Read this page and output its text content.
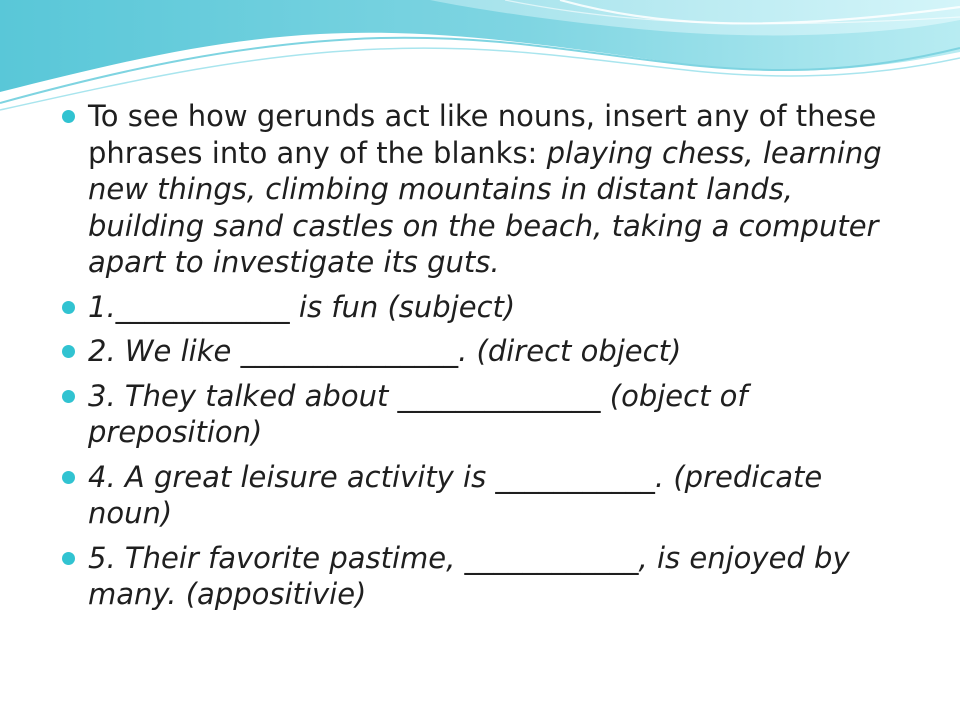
To see how gerunds act like nouns, insert any of these phrases into any of the blanks: playing chess, learning new things, climbing mountains in distant lands, building sand castles on the beach, taking a computer apart to investigate its guts.
1.____________ is fun (subject)
2. We like _______________. (direct object)
3. They talked about ______________ (object of preposition)
4. A great leisure activity is ___________. (predicate noun)
5. Their favorite pastime, ____________, is enjoyed by many. (appositivie)
